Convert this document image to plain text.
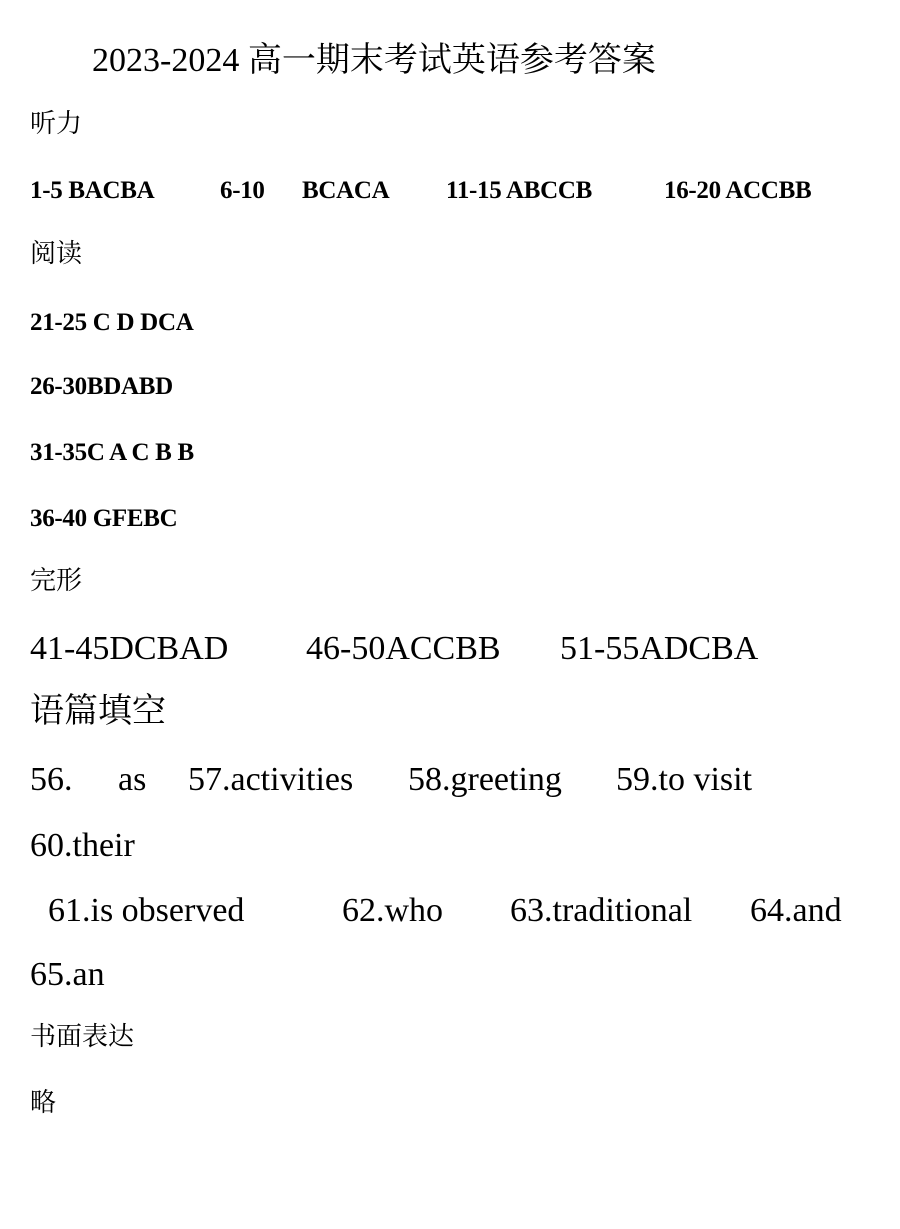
2023-2024 高一期末考试英语参考答案
听力
1-5 BACBA	6-10 BCACA 11-15 ABCCB	16-20 ACCBB
阅读
21-25 C D DCA
26-30BDABD
31-35C A C B B
36-40 GFEBC
完形
41-45DCBAD 46-50ACCBB 51-55ADCBA
语篇填空
56. as 57.activities 58.greeting 59.to visit
60.their
61.is observed	62.who 63.traditional 64.and
65.an
书面表达
略
